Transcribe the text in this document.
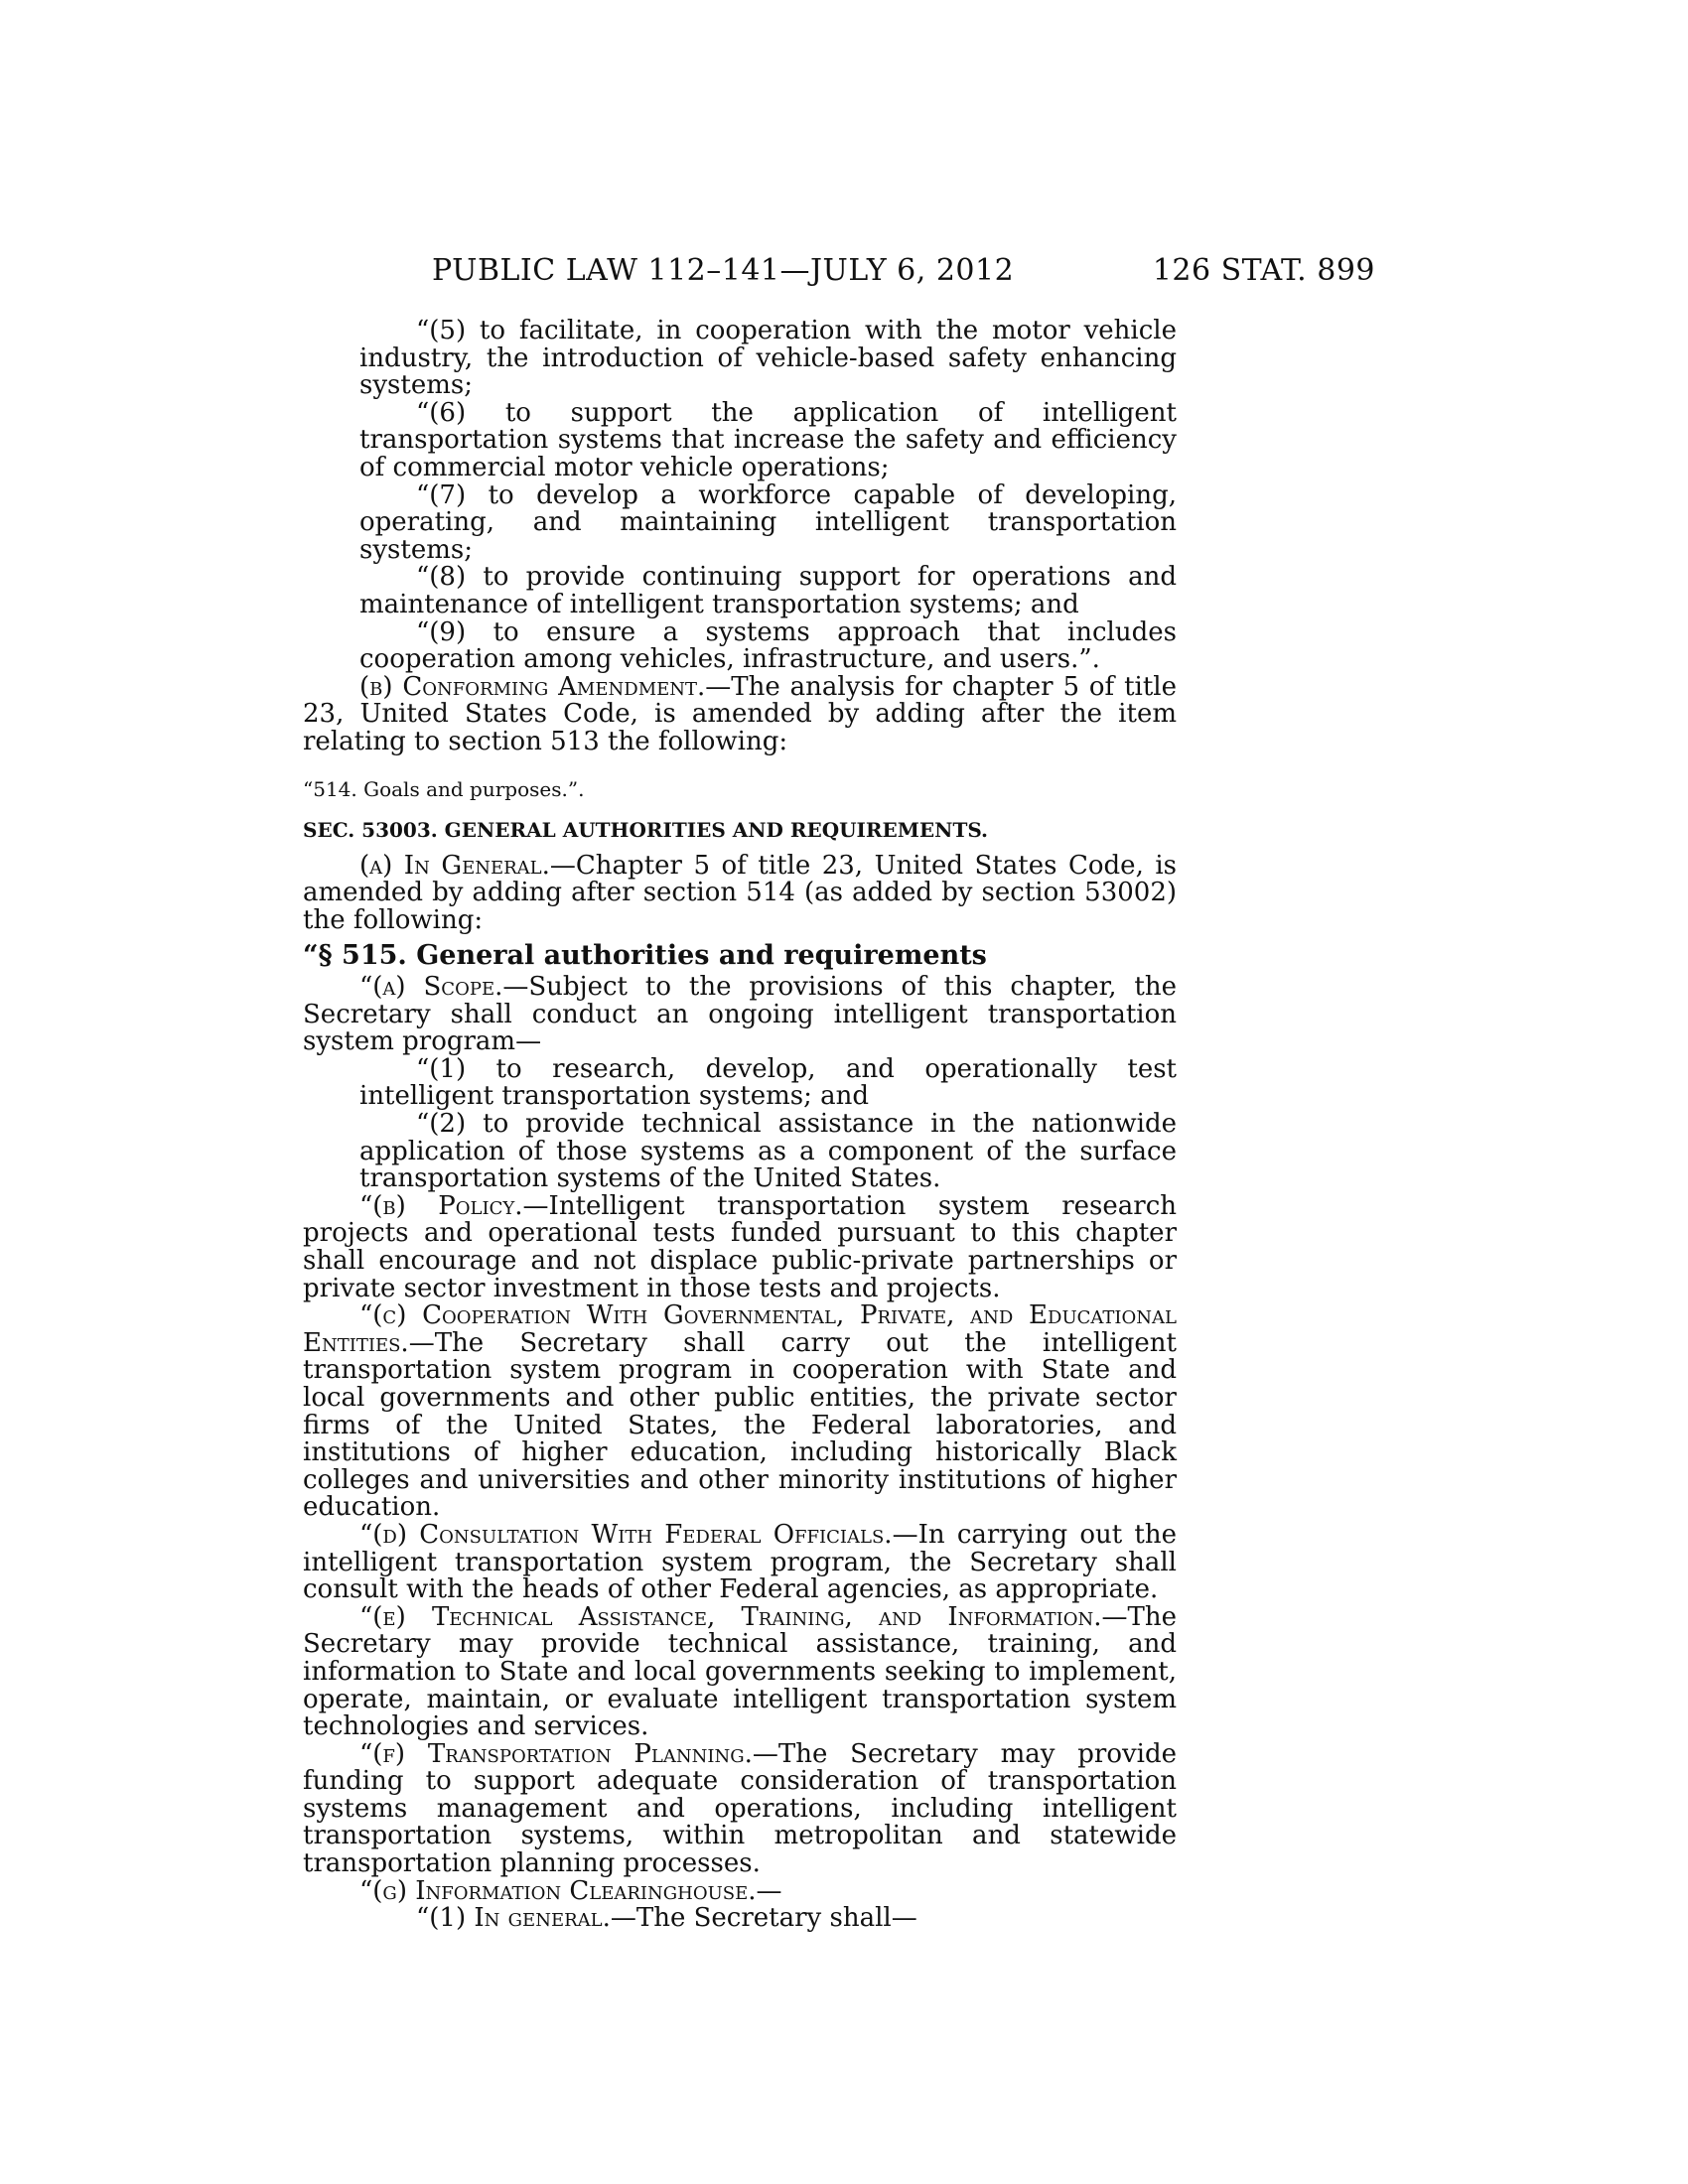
PUBLIC LAW 112–141—JULY 6, 2012	126 STAT. 899

“(5) to facilitate, in cooperation with the motor vehicle industry, the introduction of vehicle-based safety enhancing systems;

“(6) to support the application of intelligent transportation systems that increase the safety and efficiency of commercial motor vehicle operations;

“(7) to develop a workforce capable of developing, operating, and maintaining intelligent transportation systems;

“(8) to provide continuing support for operations and maintenance of intelligent transportation systems; and

“(9) to ensure a systems approach that includes cooperation among vehicles, infrastructure, and users.”.

(b) Conforming Amendment.—The analysis for chapter 5 of title 23, United States Code, is amended by adding after the item relating to section 513 the following:

“514. Goals and purposes.”.

SEC. 53003. GENERAL AUTHORITIES AND REQUIREMENTS.

(a) In General.—Chapter 5 of title 23, United States Code, is amended by adding after section 514 (as added by section 53002) the following:

“§ 515. General authorities and requirements

“(a) Scope.—Subject to the provisions of this chapter, the Secretary shall conduct an ongoing intelligent transportation system program—

“(1) to research, develop, and operationally test intelligent transportation systems; and

“(2) to provide technical assistance in the nationwide application of those systems as a component of the surface transportation systems of the United States.

“(b) Policy.—Intelligent transportation system research projects and operational tests funded pursuant to this chapter shall encourage and not displace public-private partnerships or private sector investment in those tests and projects.

“(c) Cooperation With Governmental, Private, and Educational Entities.—The Secretary shall carry out the intelligent transportation system program in cooperation with State and local governments and other public entities, the private sector firms of the United States, the Federal laboratories, and institutions of higher education, including historically Black colleges and universities and other minority institutions of higher education.

“(d) Consultation With Federal Officials.—In carrying out the intelligent transportation system program, the Secretary shall consult with the heads of other Federal agencies, as appropriate.

“(e) Technical Assistance, Training, and Information.—The Secretary may provide technical assistance, training, and information to State and local governments seeking to implement, operate, maintain, or evaluate intelligent transportation system technologies and services.

“(f) Transportation Planning.—The Secretary may provide funding to support adequate consideration of transportation systems management and operations, including intelligent transportation systems, within metropolitan and statewide transportation planning processes.

“(g) Information Clearinghouse.—

“(1) In general.—The Secretary shall—
